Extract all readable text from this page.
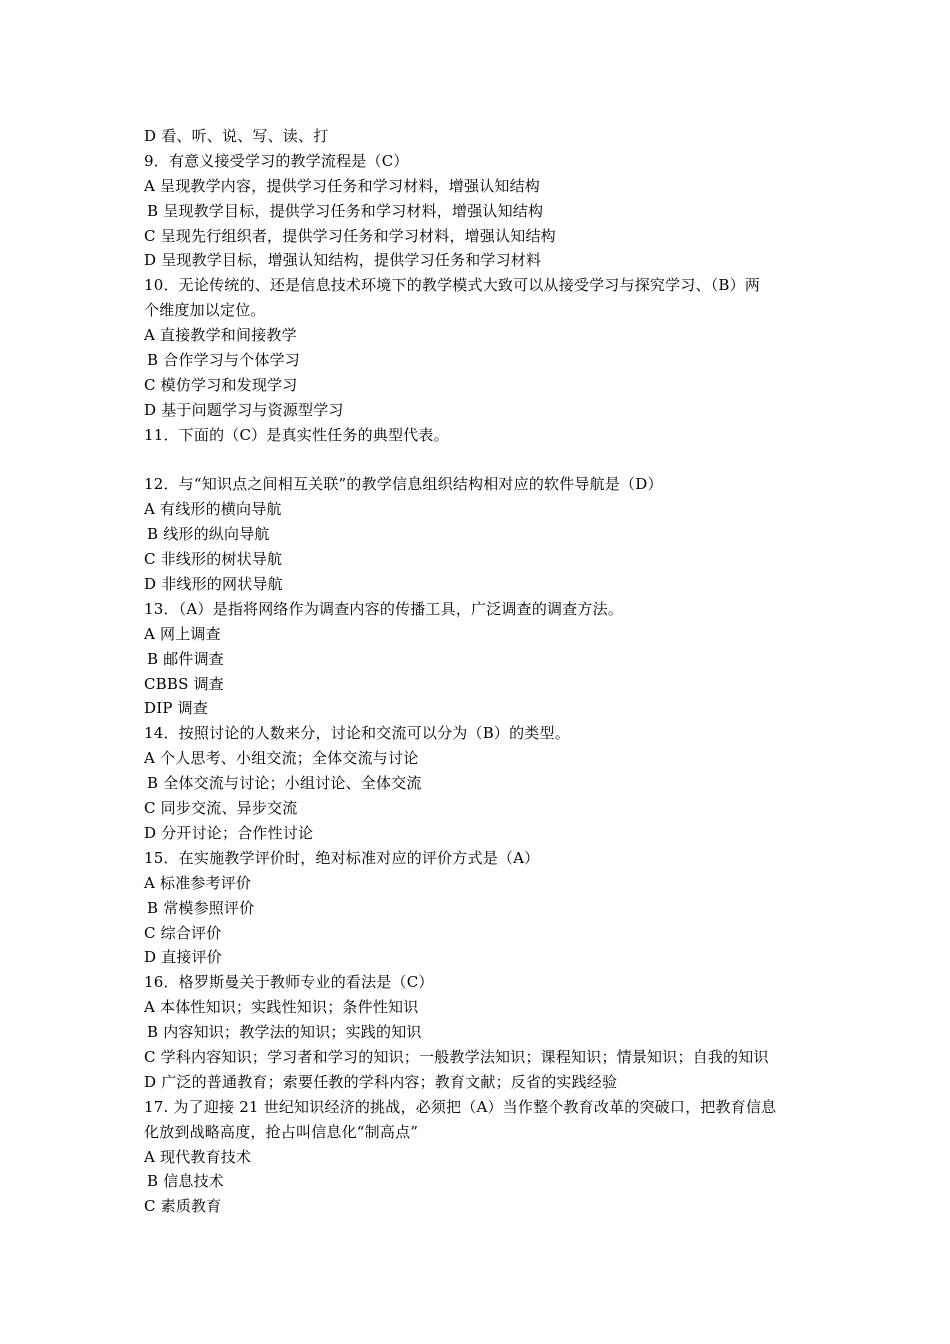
D 看、听、说、写、读、打
9．有意义接受学习的教学流程是（C）
A 呈现教学内容，提供学习任务和学习材料，增强认知结构
B 呈现教学目标，提供学习任务和学习材料，增强认知结构
C 呈现先行组织者，提供学习任务和学习材料，增强认知结构
D 呈现教学目标，增强认知结构，提供学习任务和学习材料
10．无论传统的、还是信息技术环境下的教学模式大致可以从接受学习与探究学习、（B）两
个维度加以定位。
A 直接教学和间接教学
B 合作学习与个体学习
C 模仿学习和发现学习
D 基于问题学习与资源型学习
11．下面的（C）是真实性任务的典型代表。
12．与“知识点之间相互关联”的教学信息组织结构相对应的软件导航是（D）
A 有线形的横向导航
B 线形的纵向导航
C 非线形的树状导航
D 非线形的网状导航
13．（A）是指将网络作为调查内容的传播工具，广泛调查的调查方法。
A 网上调查
B 邮件调查
CBBS 调查
DIP 调查
14．按照讨论的人数来分，讨论和交流可以分为（B）的类型。
A 个人思考、小组交流；全体交流与讨论
B 全体交流与讨论；小组讨论、全体交流
C 同步交流、异步交流
D 分开讨论；合作性讨论
15．在实施教学评价时，绝对标准对应的评价方式是（A）
A 标准参考评价
B 常模参照评价
C 综合评价
D 直接评价
16．格罗斯曼关于教师专业的看法是（C）
A 本体性知识；实践性知识；条件性知识
B 内容知识；教学法的知识；实践的知识
C 学科内容知识；学习者和学习的知识；一般教学法知识；课程知识；情景知识；自我的知识
D 广泛的普通教育；索要任教的学科内容；教育文献；反省的实践经验
17. 为了迎接 21 世纪知识经济的挑战，必须把（A）当作整个教育改革的突破口，把教育信息
化放到战略高度，抢占叫信息化“制高点”
A 现代教育技术
B 信息技术
C 素质教育
